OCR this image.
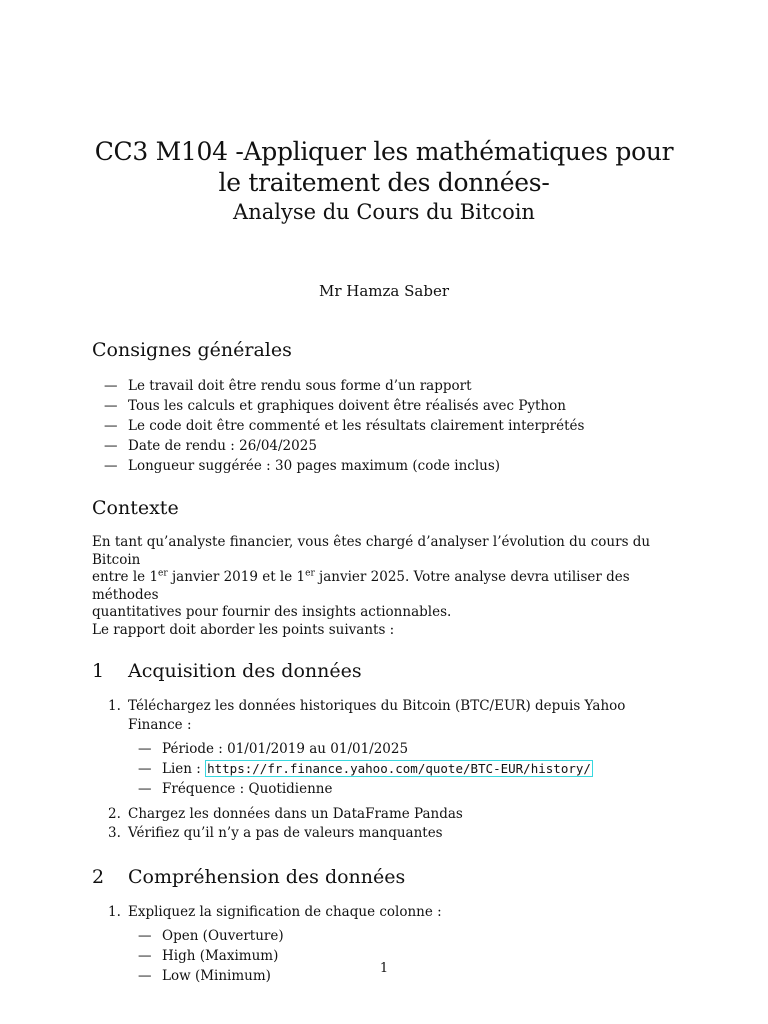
CC3 M104 -Appliquer les mathématiques pour
le traitement des données-
Analyse du Cours du Bitcoin
Mr Hamza Saber
Consignes générales
— Le travail doit être rendu sous forme d’un rapport
— Tous les calculs et graphiques doivent être réalisés avec Python
— Le code doit être commenté et les résultats clairement interprétés
— Date de rendu : 26/04/2025
— Longueur suggérée : 30 pages maximum (code inclus)
Contexte

En tant qu’analyste financier, vous êtes chargé d’analyser l’évolution du cours du Bitcoin

entre le 1er janvier 2019 et le 1er janvier 2025. Votre analyse devra utiliser des méthodes

quantitatives pour fournir des insights actionnables.

Le rapport doit aborder les points suivants :

1 Acquisition des données
1. Téléchargez les données historiques du Bitcoin (BTC/EUR) depuis Yahoo Finance :
— Période : 01/01/2019 au 01/01/2025
— Lien : https://fr.finance.yahoo.com/quote/BTC-EUR/history/
— Fréquence : Quotidienne
2. Chargez les données dans un DataFrame Pandas
3. Vérifiez qu’il n’y a pas de valeurs manquantes
2 Compréhension des données
1. Expliquez la signification de chaque colonne :
— Open (Ouverture)
— High (Maximum)
— Low (Minimum)	1
